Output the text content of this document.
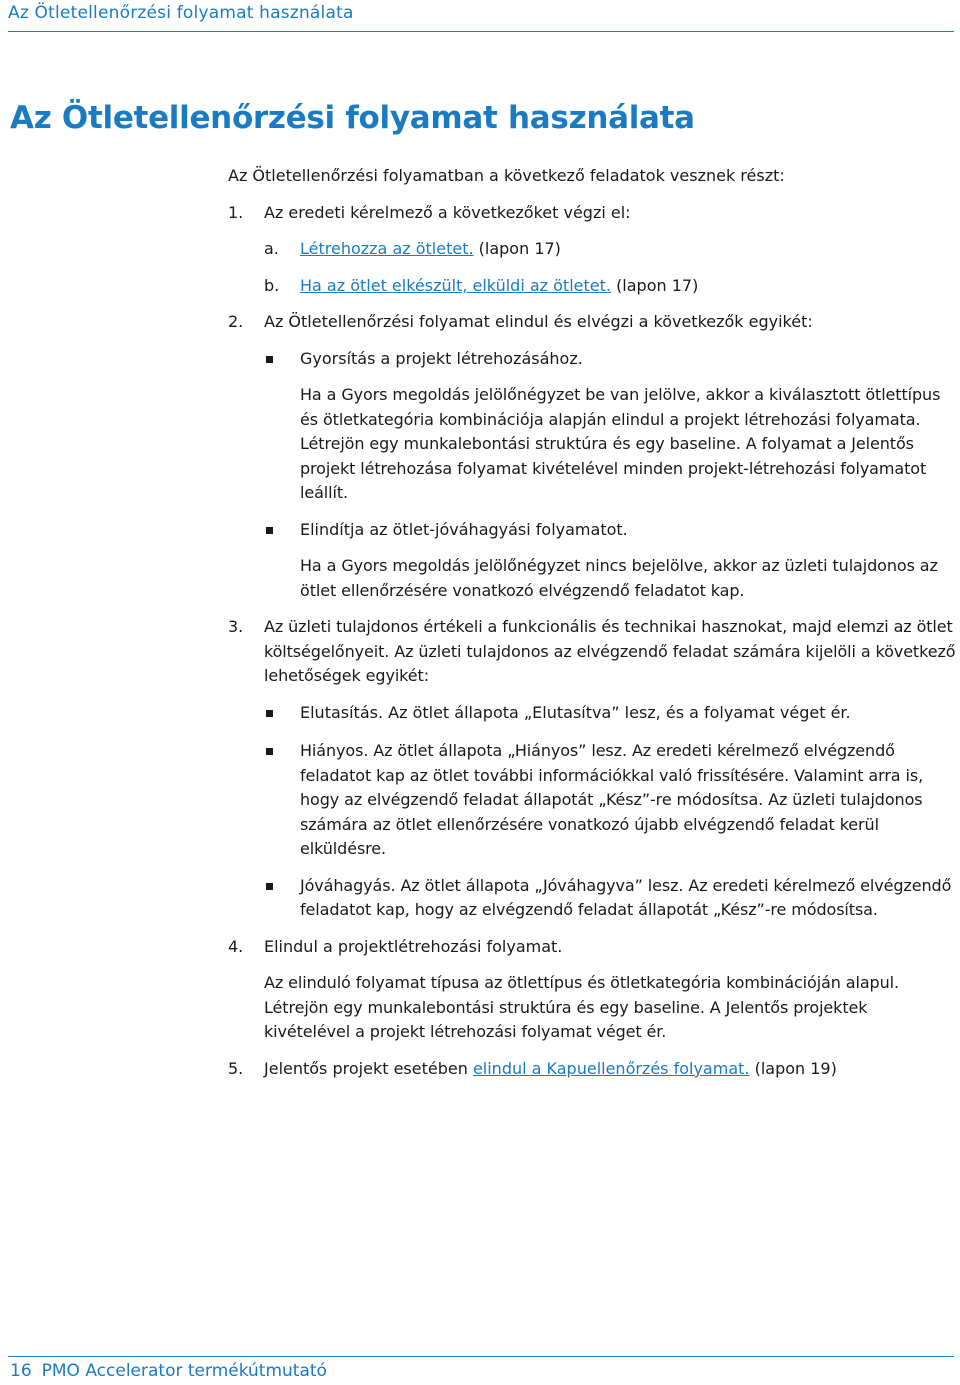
Az Ötletellenőrzési folyamat használata
Az Ötletellenőrzési folyamat használata

Az Ötletellenőrzési folyamatban a következő feladatok vesznek részt:

1. Az eredeti kérelmező a következőket végzi el:

a. Létrehozza az ötletet. (lapon 17)

b. Ha az ötlet elkészült, elküldi az ötletet. (lapon 17)

2. Az Ötletellenőrzési folyamat elindul és elvégzi a következők egyikét:

Gyorsítás a projekt létrehozásához.

Ha a Gyors megoldás jelölőnégyzet be van jelölve, akkor a kiválasztott ötlettípus és ötletkategória kombinációja alapján elindul a projekt létrehozási folyamata. Létrejön egy munkalebontási struktúra és egy baseline. A folyamat a Jelentős projekt létrehozása folyamat kivételével minden projekt-létrehozási folyamatot leállít.

Elindítja az ötlet-jóváhagyási folyamatot.

Ha a Gyors megoldás jelölőnégyzet nincs bejelölve, akkor az üzleti tulajdonos az ötlet ellenőrzésére vonatkozó elvégzendő feladatot kap.

3. Az üzleti tulajdonos értékeli a funkcionális és technikai hasznokat, majd elemzi az ötlet költségelőnyeit. Az üzleti tulajdonos az elvégzendő feladat számára kijelöli a következő lehetőségek egyikét:

Elutasítás. Az ötlet állapota „Elutasítva” lesz, és a folyamat véget ér.

Hiányos. Az ötlet állapota „Hiányos” lesz. Az eredeti kérelmező elvégzendő feladatot kap az ötlet további információkkal való frissítésére. Valamint arra is, hogy az elvégzendő feladat állapotát „Kész”-re módosítsa. Az üzleti tulajdonos számára az ötlet ellenőrzésére vonatkozó újabb elvégzendő feladat kerül elküldésre.

Jóváhagyás. Az ötlet állapota „Jóváhagyva” lesz. Az eredeti kérelmező elvégzendő feladatot kap, hogy az elvégzendő feladat állapotát „Kész”-re módosítsa.

4. Elindul a projektlétrehozási folyamat.

Az elinduló folyamat típusa az ötlettípus és ötletkategória kombinációján alapul. Létrejön egy munkalebontási struktúra és egy baseline. A Jelentős projektek kivételével a projekt létrehozási folyamat véget ér.

5. Jelentős projekt esetében elindul a Kapuellenőrzés folyamat. (lapon 19)

16 PMO Accelerator termékútmutató
